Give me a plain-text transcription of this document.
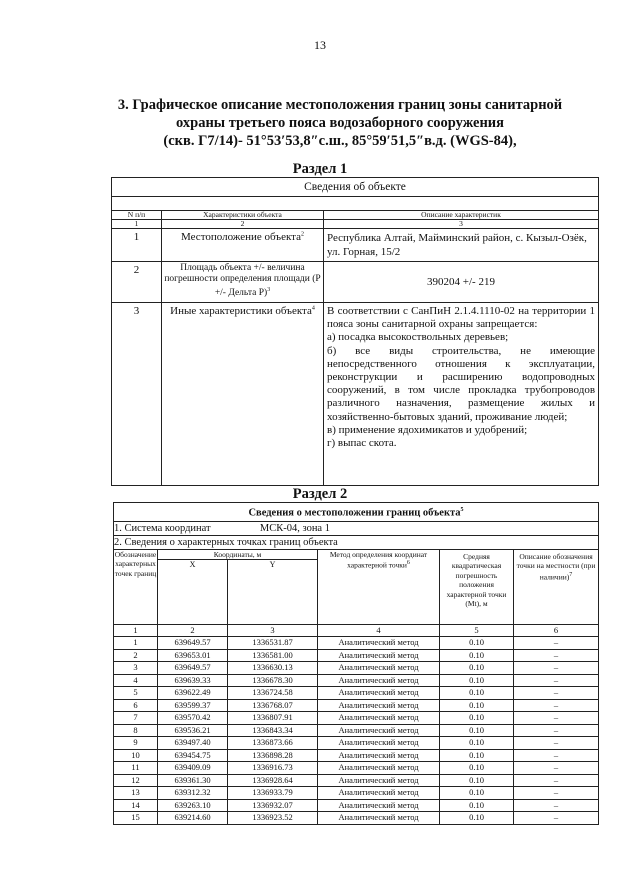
13
3. Графическое описание местоположения границ зоны санитарной
охраны третьего пояса водозаборного сооружения
(скв. Г7/14)- 51°53′53,8″с.ш., 85°59′51,5″в.д. (WGS-84),
Раздел 1
Сведения об объекте		

N п/п	Характеристики объекта	Описание характеристик
1	2	3
1	Местоположение объекта$^2$	Республика Алтай, Майминский район, с. Кызыл-Озёк, ул. Горная, 15/2
2	Площадь объекта +/- величина погрешности определения площади (Р +/- Дельта Р)$^3$	390204 +/- 219
3	Иные характеристики объекта$^4$	В соответствии с СанПиН 2.1.4.1110-02 на территории 1 пояса зоны санитарной охраны запрещается:
а) посадка высокоствольных деревьев;
б) все виды строительства, не имеющие непосредственного отношения к эксплуатации, реконструкции и расширению водопроводных сооружений, в том числе прокладка трубопроводов различного назначения, размещение жилых и хозяйственно-бытовых зданий, проживание людей;
в) применение ядохимикатов и удобрений;
г) выпас скота.
Раздел 2
Сведения о местоположении границ объекта$^5$
1. Система координат МСК-04, зона 1					
2. Сведения о характерных точках границ объекта					
Обозначение характерных точек границ	Координаты, м		Метод определения координат характерной точки$^6$	Средняя квадратическая погрешность положения характерной точки (Mt), м	Описание обозначения точки на местности (при наличии)$^7$
	X	Y			
1	2	3	4	5	6
1	639649.57	1336531.87	Аналитический метод	0.10	–
2	639653.01	1336581.00	Аналитический метод	0.10	–
3	639649.57	1336630.13	Аналитический метод	0.10	–
4	639639.33	1336678.30	Аналитический метод	0.10	–
5	639622.49	1336724.58	Аналитический метод	0.10	–
6	639599.37	1336768.07	Аналитический метод	0.10	–
7	639570.42	1336807.91	Аналитический метод	0.10	–
8	639536.21	1336843.34	Аналитический метод	0.10	–
9	639497.40	1336873.66	Аналитический метод	0.10	–
10	639454.75	1336898.28	Аналитический метод	0.10	–
11	639409.09	1336916.73	Аналитический метод	0.10	–
12	639361.30	1336928.64	Аналитический метод	0.10	–
13	639312.32	1336933.79	Аналитический метод	0.10	–
14	639263.10	1336932.07	Аналитический метод	0.10	–
15	639214.60	1336923.52	Аналитический метод	0.10	–
